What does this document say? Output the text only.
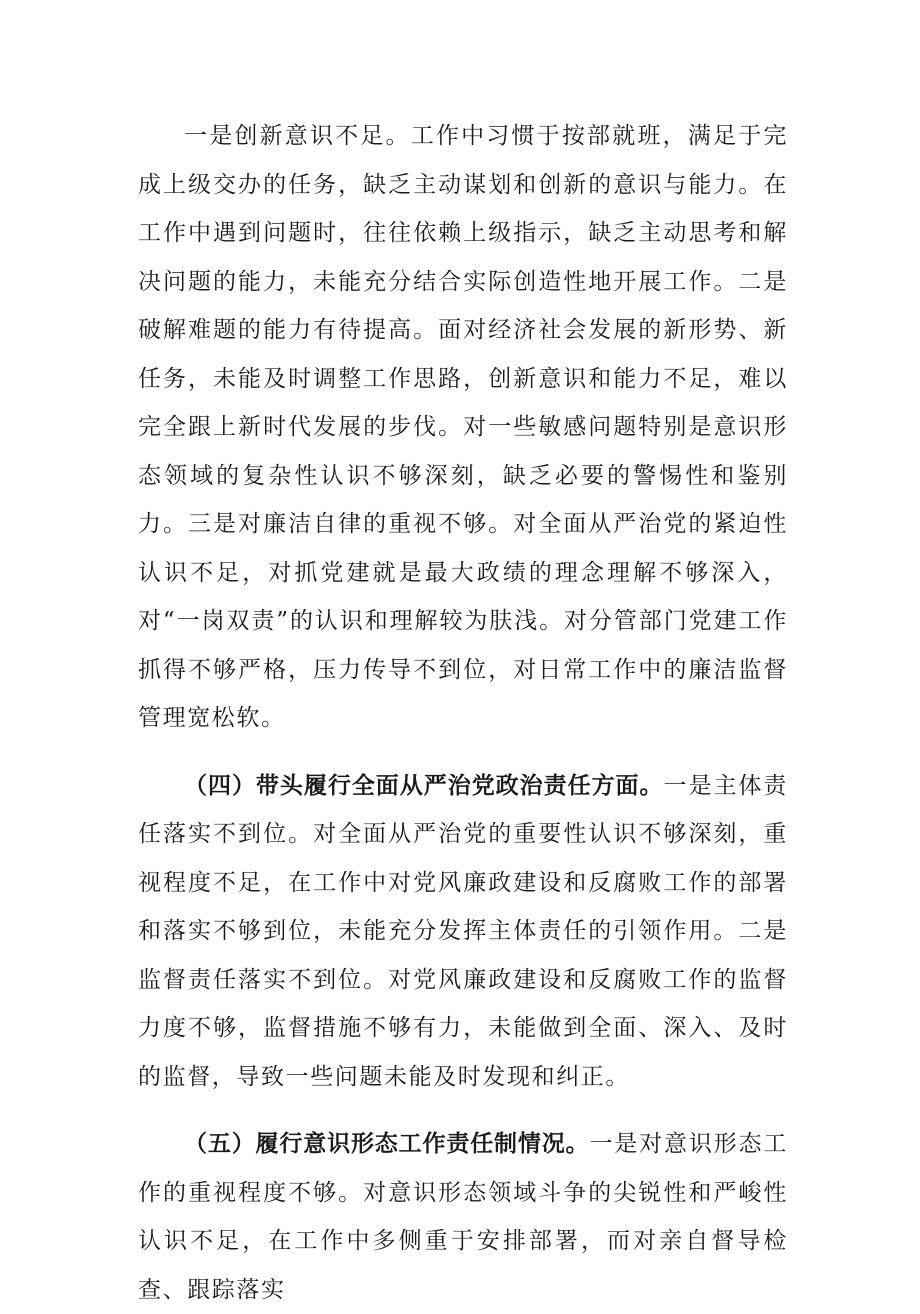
一是创新意识不足。工作中习惯于按部就班，满足于完成上级交办的任务，缺乏主动谋划和创新的意识与能力。在工作中遇到问题时，往往依赖上级指示，缺乏主动思考和解决问题的能力，未能充分结合实际创造性地开展工作。二是破解难题的能力有待提高。面对经济社会发展的新形势、新任务，未能及时调整工作思路，创新意识和能力不足，难以完全跟上新时代发展的步伐。对一些敏感问题特别是意识形态领域的复杂性认识不够深刻，缺乏必要的警惕性和鉴别力。三是对廉洁自律的重视不够。对全面从严治党的紧迫性认识不足，对抓党建就是最大政绩的理念理解不够深入，对“一岗双责”的认识和理解较为肤浅。对分管部门党建工作抓得不够严格，压力传导不到位，对日常工作中的廉洁监督管理宽松软。

（四）带头履行全面从严治党政治责任方面。一是主体责任落实不到位。对全面从严治党的重要性认识不够深刻，重视程度不足，在工作中对党风廉政建设和反腐败工作的部署和落实不够到位，未能充分发挥主体责任的引领作用。二是监督责任落实不到位。对党风廉政建设和反腐败工作的监督力度不够，监督措施不够有力，未能做到全面、深入、及时的监督，导致一些问题未能及时发现和纠正。

（五）履行意识形态工作责任制情况。一是对意识形态工作的重视程度不够。对意识形态领域斗争的尖锐性和严峻性认识不足，在工作中多侧重于安排部署，而对亲自督导检查、跟踪落实
